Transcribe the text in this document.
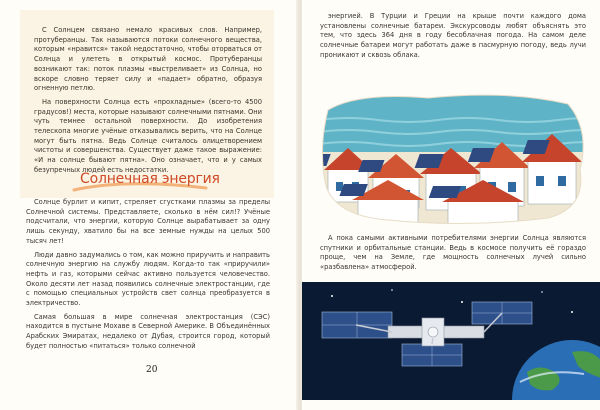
С Солнцем связано немало красивых слов. Например, протуберанцы. Так называются потоки солнечного вещества, которым «нравится» такой недостаточно, чтобы оторваться от Солнца и улететь в открытый космос. Протуберанцы возникают так: поток плазмы «выстреливает» из Солнца, но вскоре словно теряет силу и «падает» обратно, образуя огненную петлю.

На поверхности Солнца есть «прохладные» (всего-то 4500 градусов!) места, которые называют солнечными пятнами. Они чуть темнее остальной поверхности. До изобретения телескопа многие учёные отказывались верить, что на Солнце могут быть пятна. Ведь Солнце считалось олицетворением чистоты и совершенства. Существует даже такое выражение: «И на солнце бывают пятна». Оно означает, что и у самых безупречных людей есть недостатки.

Солнечная энергия

Солнце бурлит и кипит, стреляет сгустками плазмы за пределы Солнечной системы. Представляете, сколько в нём сил!? Учёные подсчитали, что энергии, которую Солнце вырабатывает за одну лишь секунду, хватило бы на все земные нужды на целых 500 тысяч лет!

Люди давно задумались о том, как можно приручить и направить солнечную энергию на службу людям. Когда-то так «приручили» нефть и газ, которыми сейчас активно пользуется человечество. Около десяти лет назад появились солнечные электростанции, где с помощью специальных устройств свет солнца преобразуется в электричество.

Самая большая в мире солнечная электростанция (СЭС) находится в пустыне Мохаве в Северной Америке. В Объединённых Арабских Эмиратах, недалеко от Дубая, строится город, который будет полностью «питаться» только солнечной

20

энергией. В Турции и Греции на крыше почти каждого дома установлены солнечные батареи. Экскурсоводы любят объяснять это тем, что здесь 364 дня в году бесоблачная погода. На самом деле солнечные батареи могут работать даже в пасмурную погоду, ведь лучи проникают и сквозь облака.

А пока самыми активными потребителями энергии Солнца являются спутники и орбитальные станции. Ведь в космосе получить её гораздо проще, чем на Земле, где мощность солнечных лучей сильно «разбавлена» атмосферой.
